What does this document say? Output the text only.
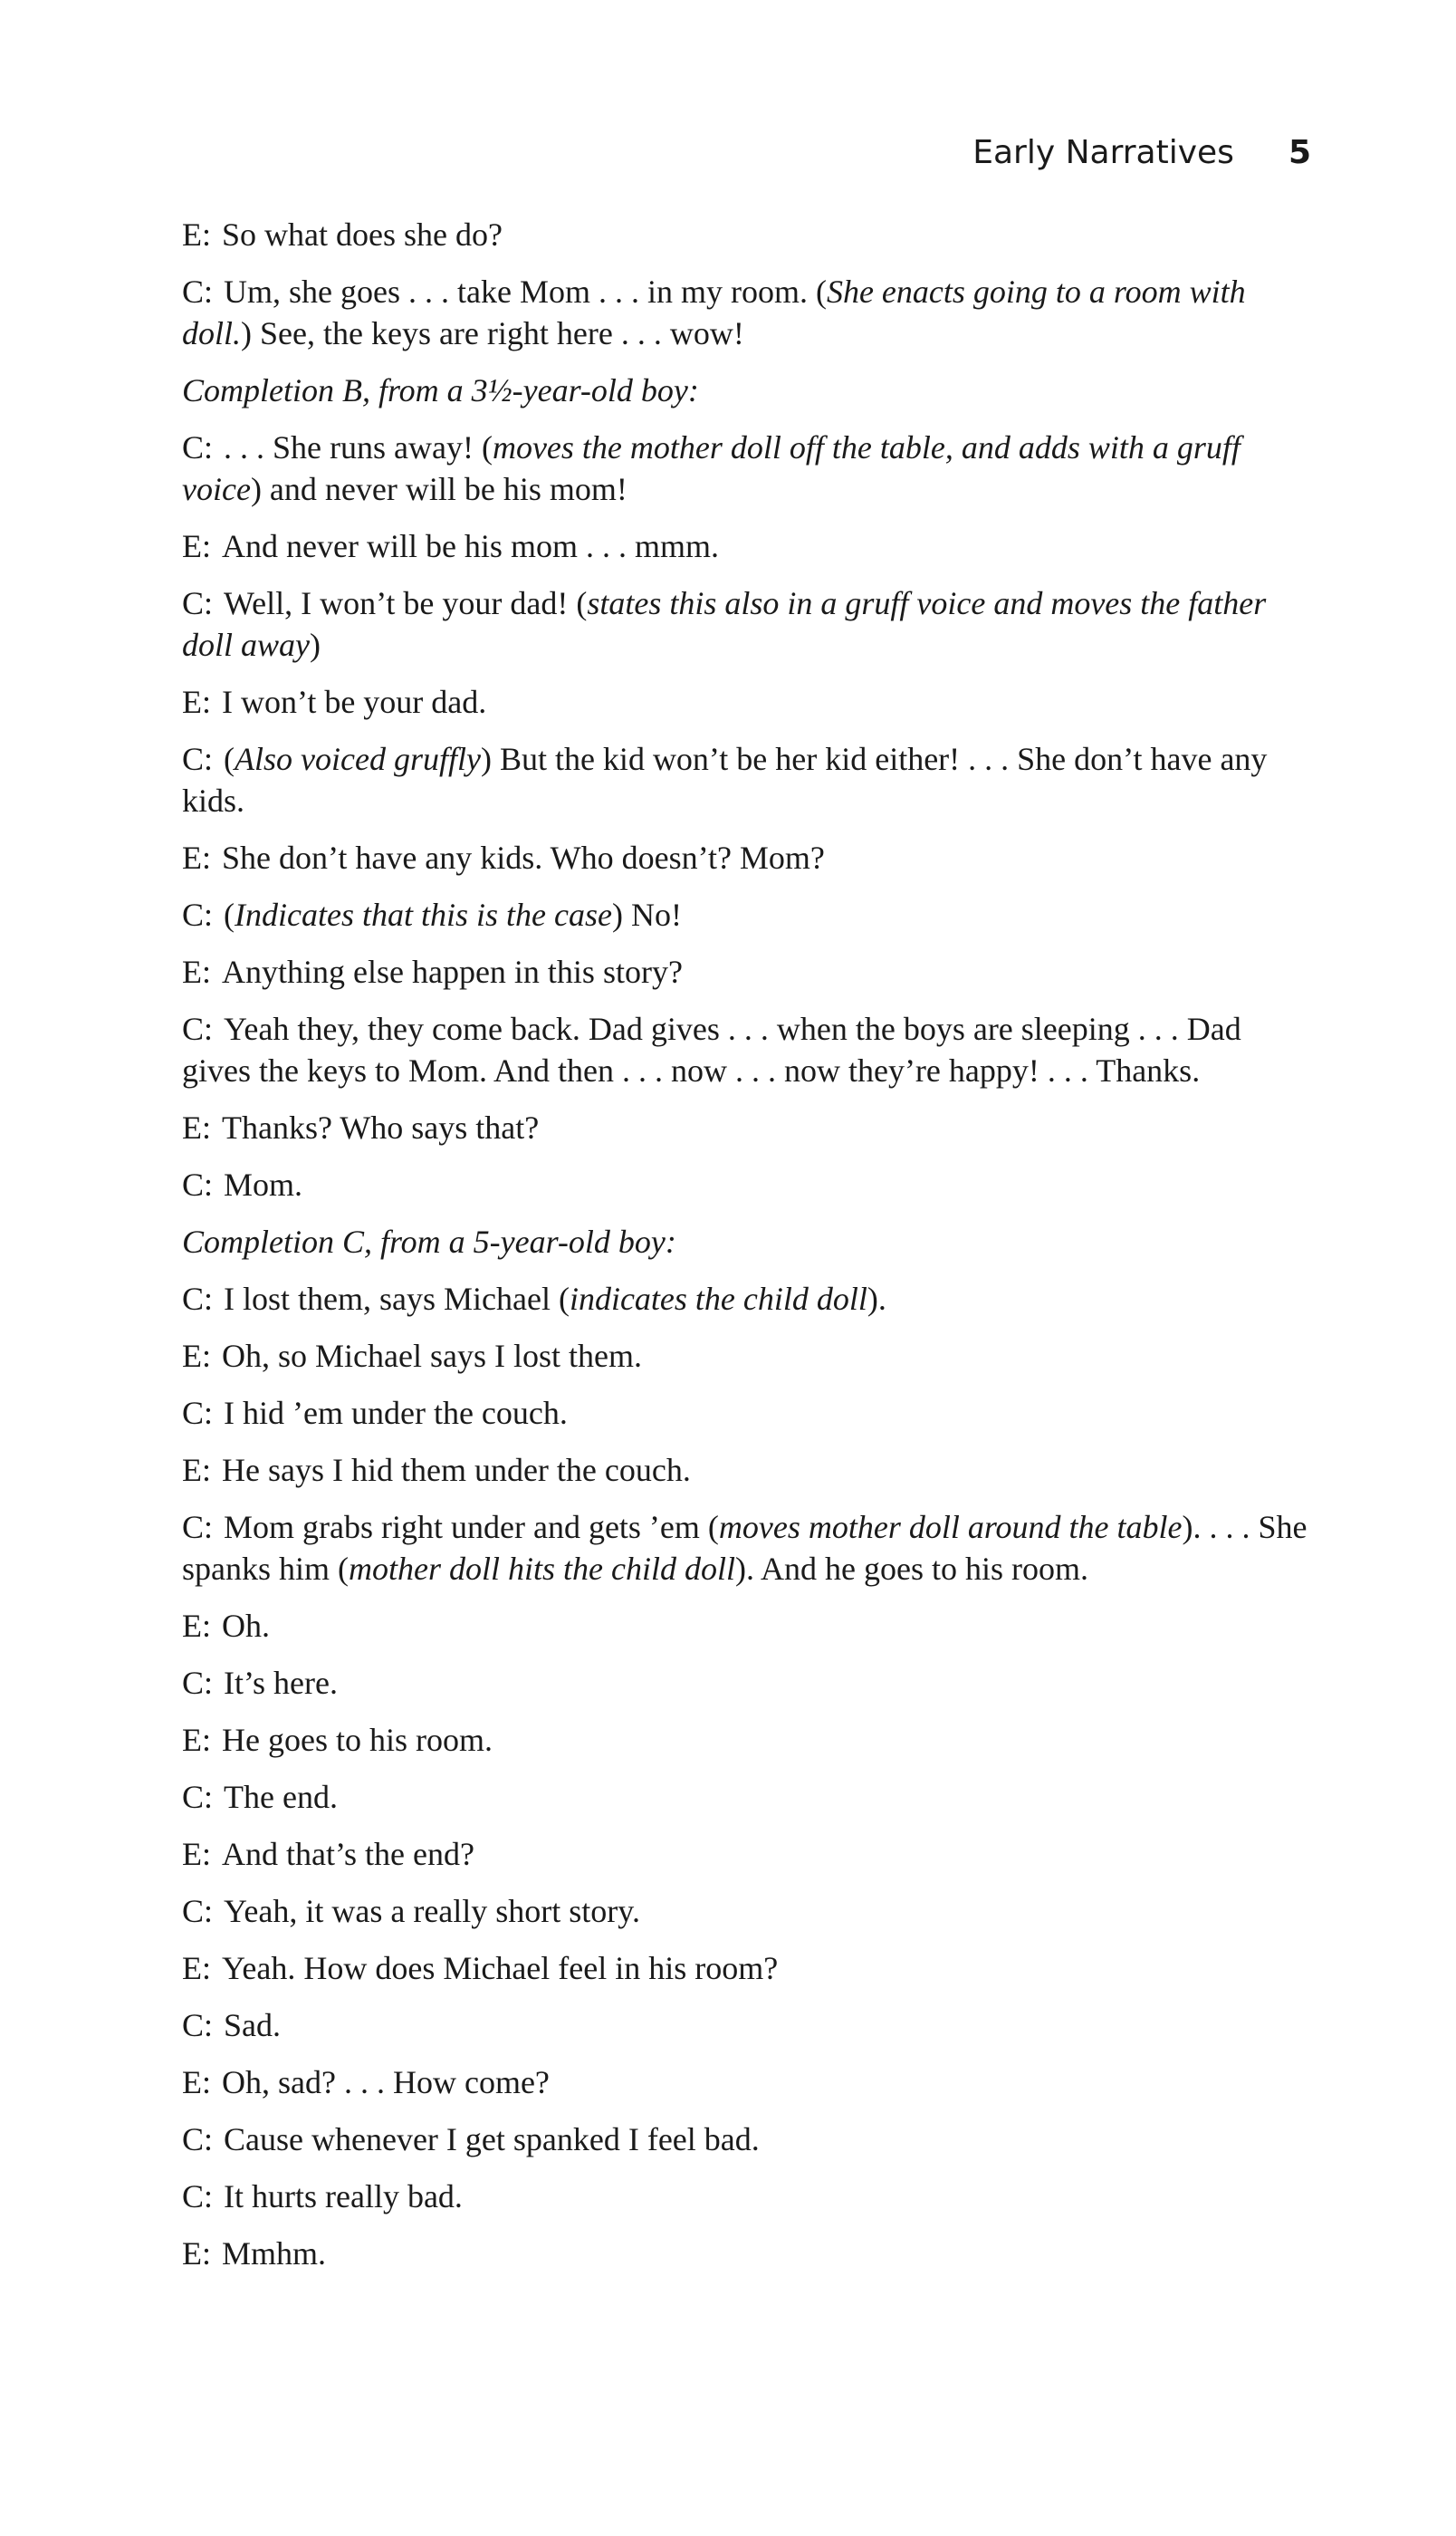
Early Narratives 5

E: So what does she do?

C: Um, she goes . . . take Mom . . . in my room. (She enacts going to a room with doll.) See, the keys are right here . . . wow!

Completion B, from a 3½-year-old boy:

C: . . . She runs away! (moves the mother doll off the table, and adds with a gruff voice) and never will be his mom!

E: And never will be his mom . . . mmm.

C: Well, I won’t be your dad! (states this also in a gruff voice and moves the father doll away)

E: I won’t be your dad.

C: (Also voiced gruffly) But the kid won’t be her kid either! . . . She don’t have any kids.

E: She don’t have any kids. Who doesn’t? Mom?

C: (Indicates that this is the case) No!

E: Anything else happen in this story?

C: Yeah they, they come back. Dad gives . . . when the boys are sleeping . . . Dad gives the keys to Mom. And then . . . now . . . now they’re happy! . . . Thanks.

E: Thanks? Who says that?

C: Mom.

Completion C, from a 5-year-old boy:

C: I lost them, says Michael (indicates the child doll).

E: Oh, so Michael says I lost them.

C: I hid ’em under the couch.

E: He says I hid them under the couch.

C: Mom grabs right under and gets ’em (moves mother doll around the table). . . . She spanks him (mother doll hits the child doll). And he goes to his room.

E: Oh.

C: It’s here.

E: He goes to his room.

C: The end.

E: And that’s the end?

C: Yeah, it was a really short story.

E: Yeah. How does Michael feel in his room?

C: Sad.

E: Oh, sad? . . . How come?

C: Cause whenever I get spanked I feel bad.

C: It hurts really bad.

E: Mmhm.
